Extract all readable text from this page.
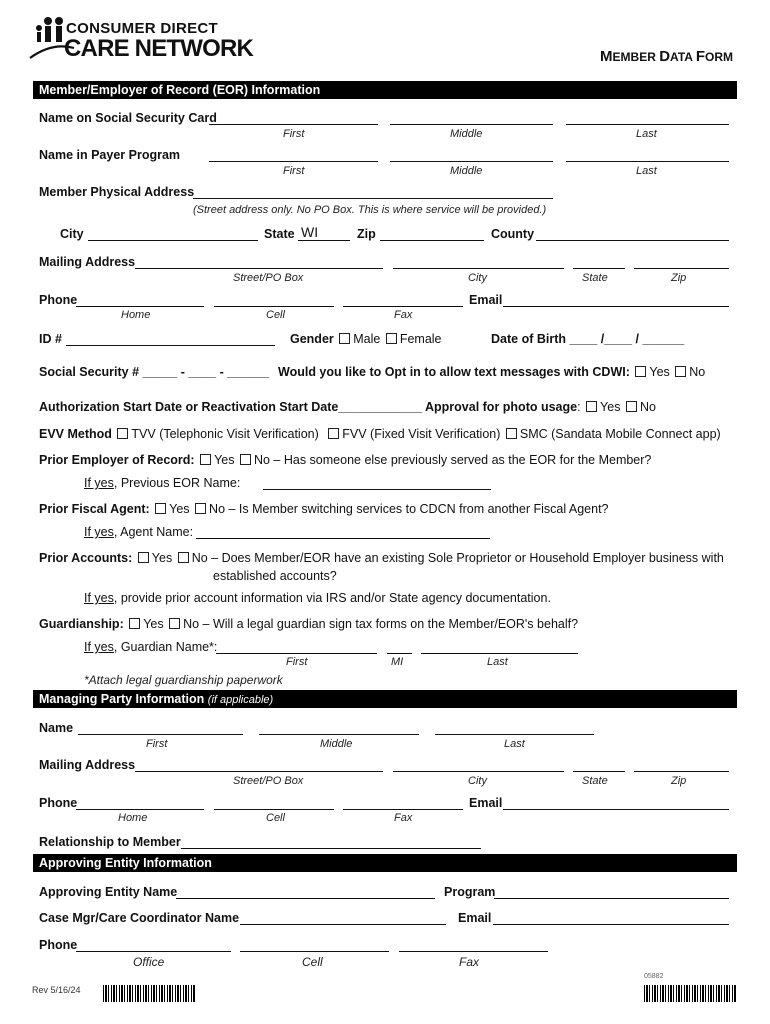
CONSUMER DIRECT
CARE NETWORK	MEMBER DATA FORM
Member/Employer of Record (EOR) Information
Name on Social Security Card
First	Middle	Last
Name in Payer Program
First	Middle	Last
Member Physical Address
(Street address only. No PO Box. This is where service will be provided.)
City	State WI	Zip	County
Mailing Address
Street/PO Box	City	State	Zip
Phone	Email
Home	Cell	Fax
ID #	Gender Male Female	Date of Birth ____ /____ / ______
Social Security # _____ - ____ - ______ Would you like to Opt in to allow text messages with CDWI: Yes No
Authorization Start Date or Reactivation Start Date____________ Approval for photo usage: Yes No
EVV Method TVV (Telephonic Visit Verification) FVV (Fixed Visit Verification) SMC (Sandata Mobile Connect app)
Prior Employer of Record: Yes No – Has someone else previously served as the EOR for the Member?
If yes, Previous EOR Name:
Prior Fiscal Agent: Yes No – Is Member switching services to CDCN from another Fiscal Agent?
If yes, Agent Name:
Prior Accounts: Yes No – Does Member/EOR have an existing Sole Proprietor or Household Employer business with
established accounts?
If yes, provide prior account information via IRS and/or State agency documentation.
Guardianship: Yes No – Will a legal guardian sign tax forms on the Member/EOR's behalf?
If yes, Guardian Name*:
First	MI	Last
*Attach legal guardianship paperwork
Managing Party Information (if applicable)
Name
First	Middle	Last
Mailing Address
Street/PO Box	City	State	Zip
Phone	Email
Home	Cell	Fax
Relationship to Member
Approving Entity Information
Approving Entity Name	Program
Case Mgr/Care Coordinator Name	Email
Phone
Office	Cell	Fax
Rev 5/16/24
05882
